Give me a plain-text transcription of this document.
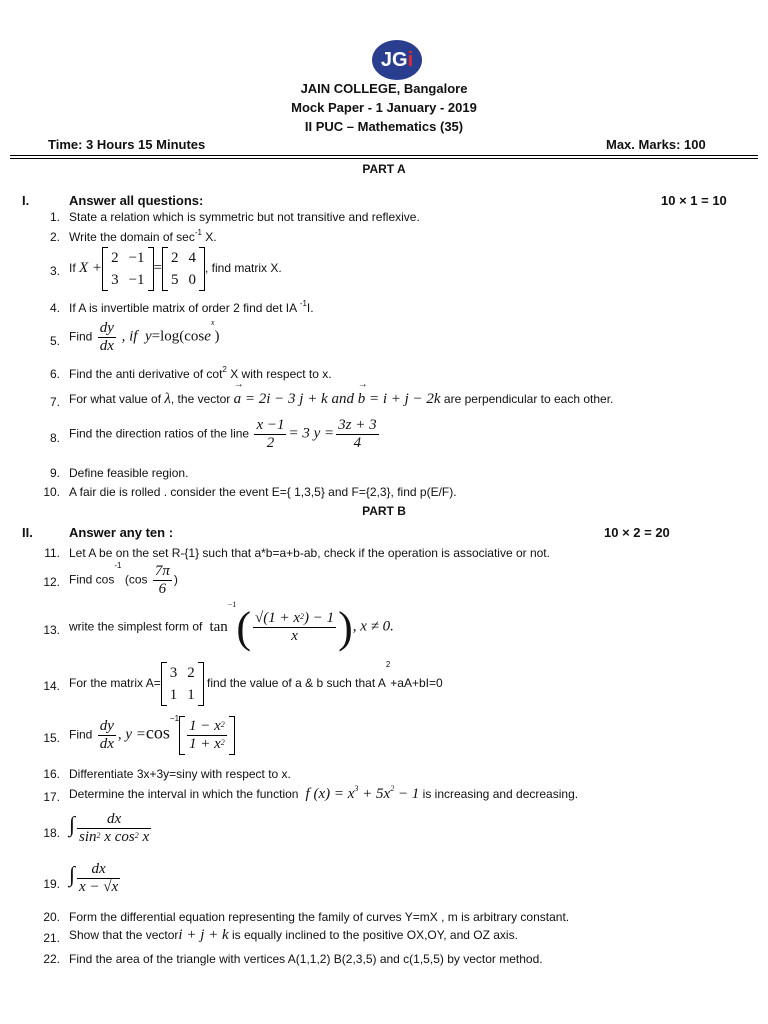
JGi
JAIN COLLEGE, Bangalore
Mock Paper - 1 January - 2019
II PUC – Mathematics (35)
Time: 3 Hours 15 Minutes	Max. Marks: 100
PART A
I.	Answer all questions:	10 × 1 = 10
1. State a relation which is symmetric but not transitive and reflexive.
2. Write the domain of $\sec^{-1} X$.
3. If X +
2	−1
3	−1
=
2	4
5	0
, find matrix X.
4. If A is invertible matrix of order 2 find det IA $^{-1}$I.
5. Find $\frac{dy}{dx}$ , if  y=log(cose$^x$)
6. Find the anti derivative of $\cot^2 X$ with respect to x.
7. For what value of λ, the vector a → = 2i − 3 j + k and b → = i + j − 2k are perpendicular to each other.
8. Find the direction ratios of the line $\frac{x -1}{2} = 3$ $y = \frac{3z + 3}{4}$
9. Define feasible region.
10. A fair die is rolled . consider the event E={ 1,3,5} and F={2,3}, find p(E/F).
PART B
II.	Answer any ten :	10 × 2 = 20
11. Let A be on the set R-{1} such that a*b=a+b-ab, check if the operation is associative or not.
12. Find $\cos^{-1} (\cos \frac{7\pi}{6}$ )
13. write the simplest form of  $\tan^{-1}( \frac{√(1 + x^2) - 1}{x}$ ), x ≠ 0.
14. For the matrix A=
3	2
1	1
find the value of a & b such that $A^2+aA+bI=0$
15. Find $\frac{dy}{dx}$ , $y =\cos^{-1} \frac{1 - x^2}{1 + x^2}$
16. Differentiate 3x+3y=siny with respect to x.
17. Determine the interval in which the function  f $(x) = x^3 + 5x^2 - 1$ is increasing and decreasing.
18. ∫ $\frac{dx}{\sin^2 x \cos^2 x}$
19. ∫ $\frac{dx}{x - √x}$
20. Form the differential equation representing the family of curves Y=mX , m is arbitrary constant.
21. Show that the vectori + j + k is equally inclined to the positive OX,OY, and OZ axis.
22. Find the area of the triangle with vertices A(1,1,2) B(2,3,5) and c(1,5,5) by vector method.
